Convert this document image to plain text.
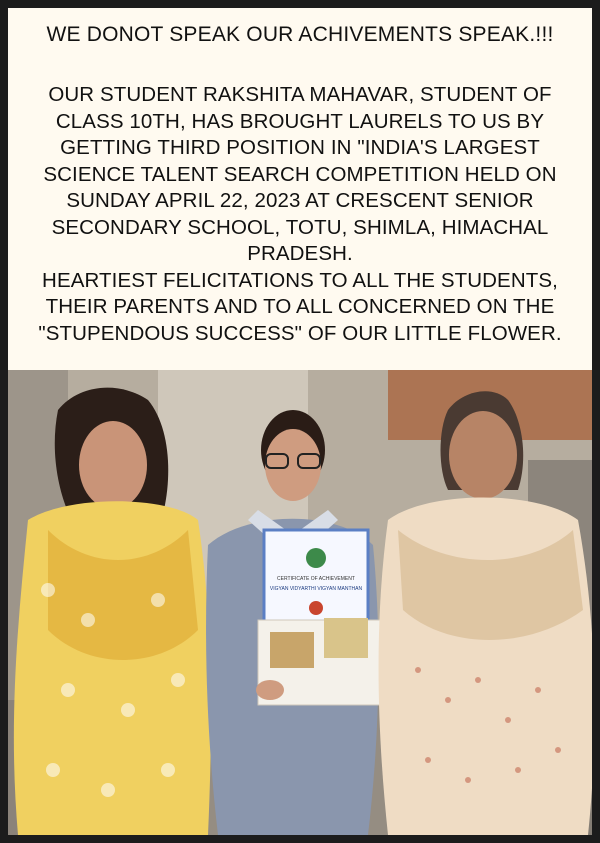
WE DONOT SPEAK OUR ACHIVEMENTS SPEAK.!!!

OUR STUDENT RAKSHITA MAHAVAR, STUDENT OF

CLASS 10TH, HAS BROUGHT LAURELS TO US BY

GETTING THIRD POSITION IN "INDIA'S LARGEST

SCIENCE TALENT SEARCH COMPETITION HELD ON

SUNDAY APRIL 22, 2023 AT CRESCENT SENIOR

SECONDARY SCHOOL, TOTU, SHIMLA, HIMACHAL

PRADESH.

HEARTIEST FELICITATIONS TO ALL THE STUDENTS,

THEIR PARENTS AND TO ALL CONCERNED ON THE

"STUPENDOUS SUCCESS" OF OUR LITTLE FLOWER.

CERTIFICATE OF ACHIEVEMENT
VIGYAN VIDYARTHI VIGYAN MANTHAN
